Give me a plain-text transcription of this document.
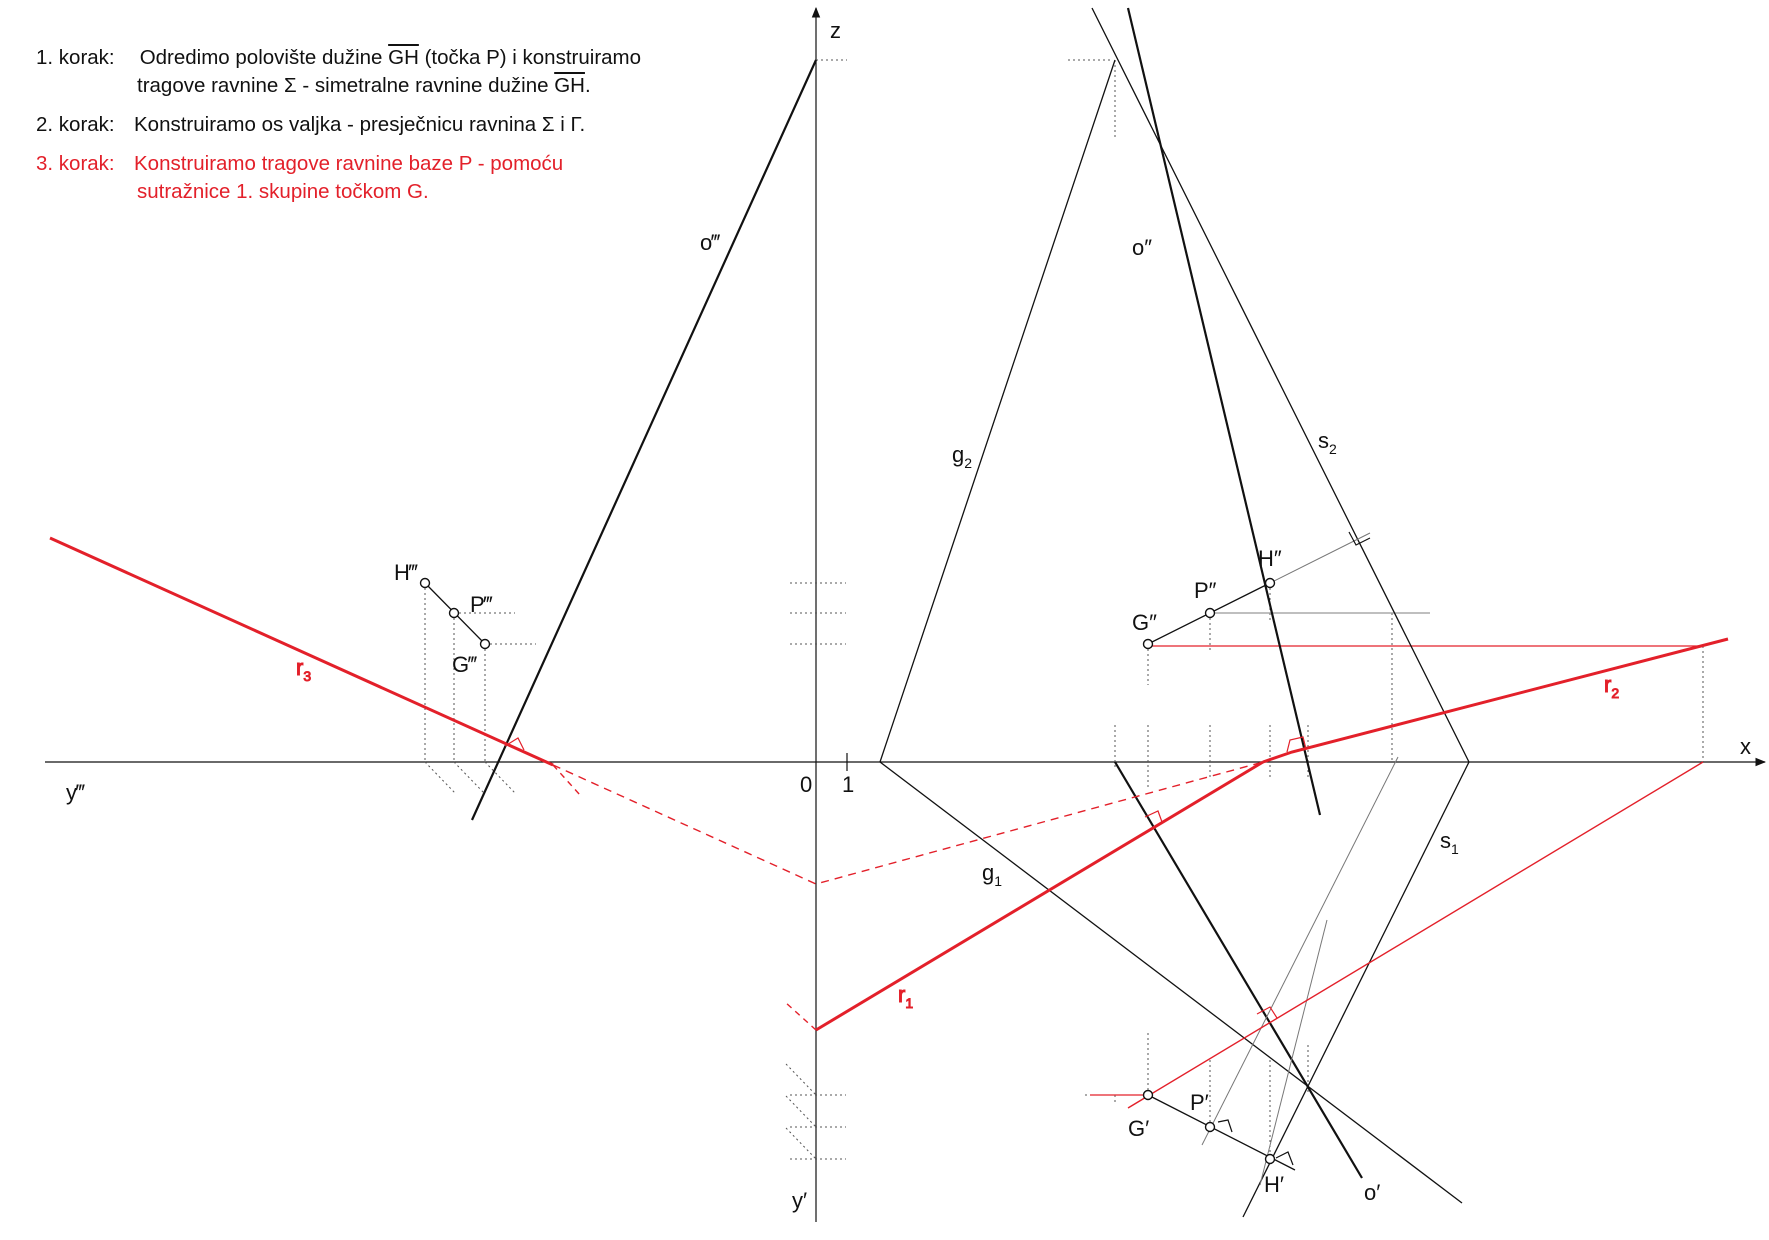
z
x
y‴
y′
0 1
o‴	o″
o′
$g_2$
$g_1$
$s_2$
$s_1$
$r_3$	$r_2$
$r_1$
H‴
P‴
G‴
H″
P″
G″
G′
P′
H′
1. korak: Odredimo polovište dužine $\overline{GH}$ (točka P) i konstruiramo
tragove ravnine Σ - simetralne ravnine dužine $\overline{GH}$.
2. korak: Konstruiramo os valjka - presječnicu ravnina Σ i Γ.
3. korak: Konstruiramo tragove ravnine baze P - pomoću
sutražnice 1. skupine točkom G.
